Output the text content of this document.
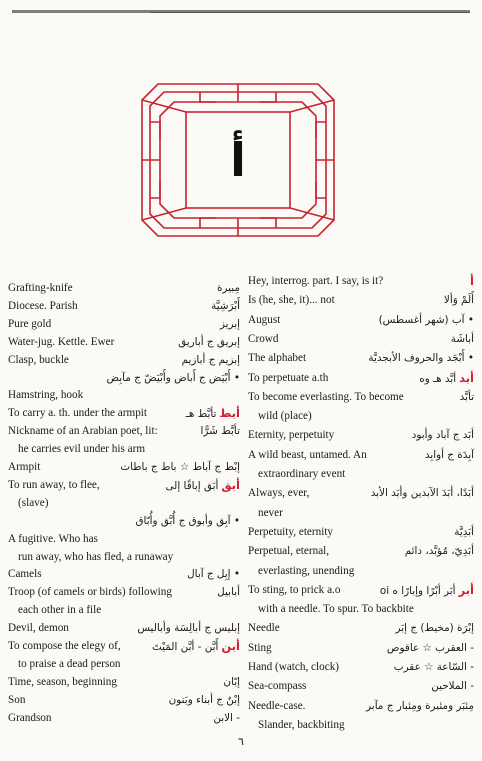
أ
Grafting-knife	مِبيرة
Diocese. Parish	أَبْرَشِيَّة
Pure gold	إبريز
Water-jug. Kettle. Ewer	إبريق ج أباريق
Clasp, buckle	إبزيم ج أبازيم
• أَبْيَض ج أَباض وأَبْيَضّ ج مآبِض
Hamstring, hook
To carry a. th. under the armpit	تأبَّط هـ أبط
Nickname of an Arabian poet, lit:	تأبَّط شَرًّا
he carries evil under his arm
Armpit	إبْط ج آباط ☆ باط ج باطات
To run away, to flee,	أبَق إباقًا إلى أبق
(slave)
• آبِق وأبوق ج أُبَّق وأُبّاق
A fugitive. Who has
run away, who has fled, a runaway
Camels	• إبِل ج آبال
Troop (of camels or birds) following	أبابيل
each other in a file
Devil, demon	إبليس ج أبالِسَة وأباليس
To compose the elegy of,	أَبَّن - أبَّن المَيْتَ أبن
to praise a dead person
Time, season, beginning	إبّان
Son	إبْنٌ ج أبناء وبَنون
Grandson	- الابن
Hey, interrog. part. I say, is it?	أ
Is (he, she, it)... not	أَلَمْ وَألا
August	• آب (شهر أغسطس)
Crowd	أباشَة
The alphabet	• أَبْجَد والحروف الأبجديَّة
To perpetuate a.th	أبَّد هـ وه أبد
To become everlasting. To become	تأبَّد
wild (place)
Eternity, perpetuity	أبَد ج آباد وأبود
A wild beast, untamed. An	آبِدَة ج أوابِد
extraordinary event
Always, ever,	أبَدًا، أبَدَ الآبدين وأبَد الأبد
never
Perpetuity, eternity	أبَدِيَّة
Perpetual, eternal,	أبَدِيّ، مُؤبَّد، دائم
everlasting, unending
To sting, to prick a.o	أبَر أبْرًا وإبارًا ه oi أبر
with a needle. To spur. To backbite
Needle	إبْرَة (مخيط) ج إبَر
Sting	- العقرب ☆ عاقوص
Hand (watch, clock)	- السّاعة ☆ عقرب
Sea-compass	- الملاحين
Needle-case.	مِئبَر ومئبرة ومِئبار ج مآبر
Slander, backbiting
٦
